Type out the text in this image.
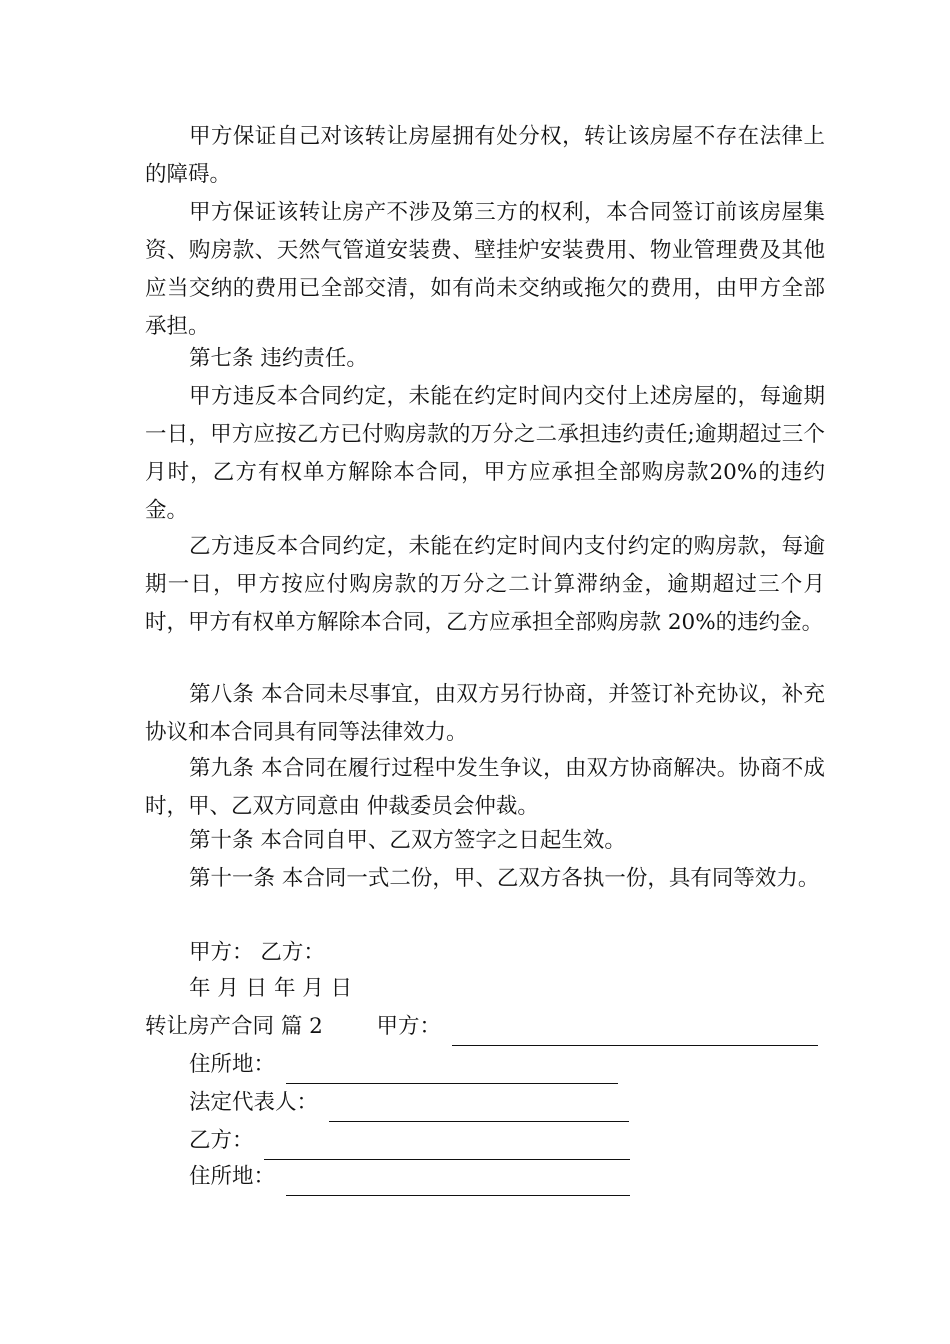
甲方保证自己对该转让房屋拥有处分权，转让该房屋不存在法律上的障碍。

甲方保证该转让房产不涉及第三方的权利，本合同签订前该房屋集资、购房款、天然气管道安装费、壁挂炉安装费用、物业管理费及其他应当交纳的费用已全部交清，如有尚未交纳或拖欠的费用，由甲方全部承担。

第七条 违约责任。

甲方违反本合同约定，未能在约定时间内交付上述房屋的，每逾期一日，甲方应按乙方已付购房款的万分之二承担违约责任;逾期超过三个月时，乙方有权单方解除本合同，甲方应承担全部购房款20%的违约金。

乙方违反本合同约定，未能在约定时间内支付约定的购房款，每逾期一日，甲方按应付购房款的万分之二计算滞纳金，逾期超过三个月时，甲方有权单方解除本合同，乙方应承担全部购房款 20%的违约金。

第八条 本合同未尽事宜，由双方另行协商，并签订补充协议，补充协议和本合同具有同等法律效力。

第九条 本合同在履行过程中发生争议，由双方协商解决。协商不成时，甲、乙双方同意由 仲裁委员会仲裁。

第十条 本合同自甲、乙双方签字之日起生效。

第十一条 本合同一式二份，甲、乙双方各执一份，具有同等效力。

甲方： 乙方：

年 月 日 年 月 日

转让房产合同 篇 2 甲方：

住所地：

法定代表人：

乙方：

住所地：
